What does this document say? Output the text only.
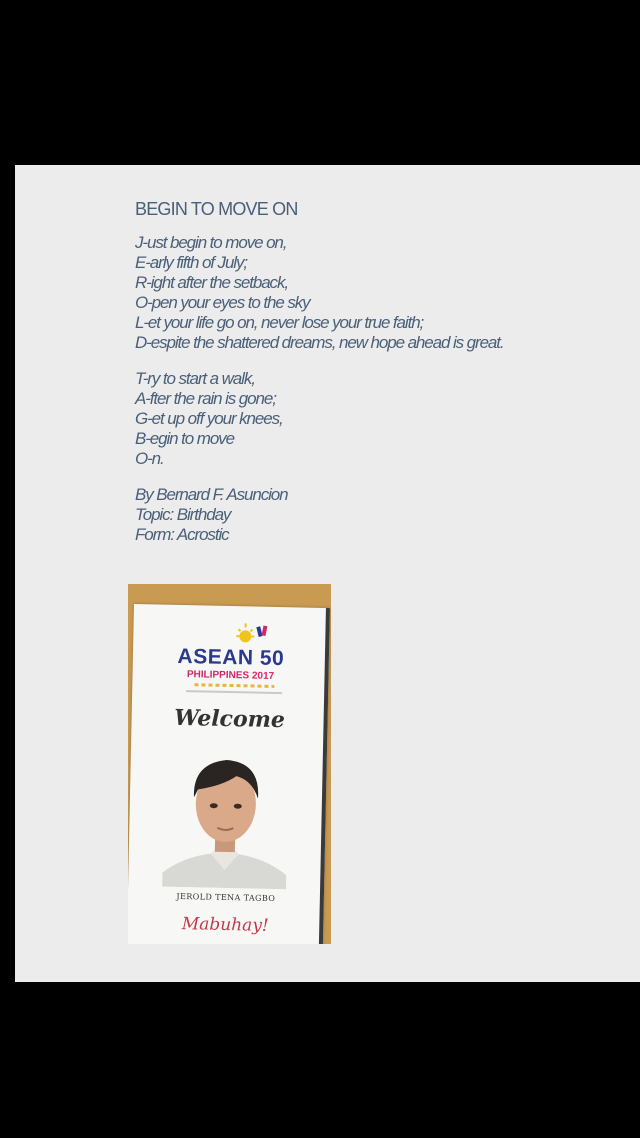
BEGIN TO MOVE ON
J-ust begin to move on,
E-arly fifth of July;
R-ight after the setback,
O-pen your eyes to the sky
L-et your life go on, never lose your true faith;
D-espite the shattered dreams, new hope ahead is great.
T-ry to start a walk,
A-fter the rain is gone;
G-et up off your knees,
B-egin to move
O-n.
By Bernard F. Asuncion
Topic: Birthday
Form: Acrostic
ASEAN 50
PHILIPPINES 2017
Welcome
JEROLD TENA TAGBO
Mabuhay!
